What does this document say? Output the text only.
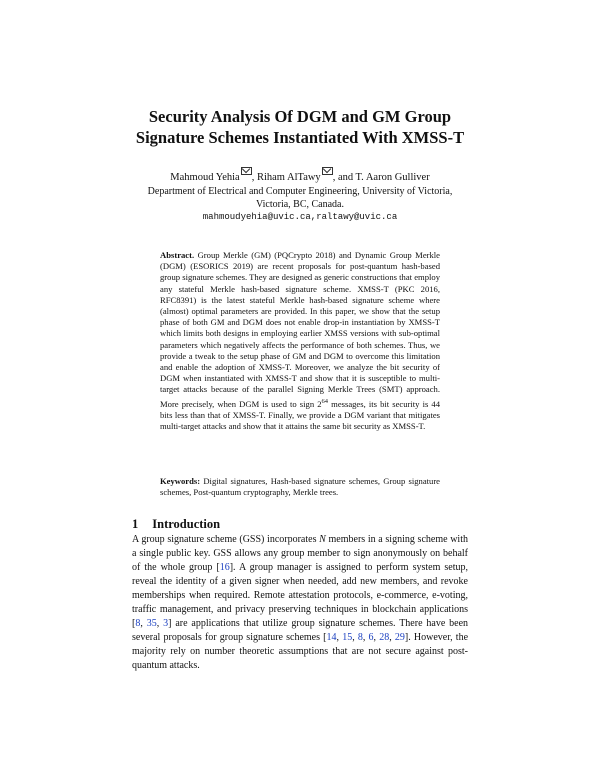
Security Analysis Of DGM and GM Group
Signature Schemes Instantiated With XMSS-T
Mahmoud Yehia , Riham AlTawy , and T. Aaron Gulliver
Department of Electrical and Computer Engineering, University of Victoria,
Victoria, BC, Canada.
mahmoudyehia@uvic.ca,raltawy@uvic.ca
Abstract. Group Merkle (GM) (PQCrypto 2018) and Dynamic Group Merkle (DGM) (ESORICS 2019) are recent proposals for post-quantum hash-based group signature schemes. They are designed as generic constructions that employ any stateful Merkle hash-based signature scheme. XMSS-T (PKC 2016, RFC8391) is the latest stateful Merkle hash-based signature scheme where (almost) optimal parameters are provided. In this paper, we show that the setup phase of both GM and DGM does not enable drop-in instantiation by XMSS-T which limits both designs in employing earlier XMSS versions with sub-optimal parameters which negatively affects the performance of both schemes. Thus, we provide a tweak to the setup phase of GM and DGM to overcome this limitation and enable the adoption of XMSS-T. Moreover, we analyze the bit security of DGM when instantiated with XMSS-T and show that it is susceptible to multi-target attacks because of the parallel Signing Merkle Trees (SMT) approach. More precisely, when DGM is used to sign $2^{64}$ messages, its bit security is 44 bits less than that of XMSS-T. Finally, we provide a DGM variant that mitigates multi-target attacks and show that it attains the same bit security as XMSS-T.
Keywords: Digital signatures, Hash-based signature schemes, Group signature schemes, Post-quantum cryptography, Merkle trees.
1 Introduction
A group signature scheme (GSS) incorporates N members in a signing scheme with a single public key. GSS allows any group member to sign anonymously on behalf of the whole group [16]. A group manager is assigned to perform system setup, reveal the identity of a given signer when needed, add new members, and revoke memberships when required. Remote attestation protocols, e-commerce, e-voting, traffic management, and privacy preserving techniques in blockchain applications [8, 35, 3] are applications that utilize group signature schemes. There have been several proposals for group signature schemes [14, 15, 8, 6, 28, 29]. However, the majority rely on number theoretic assumptions that are not secure against post-quantum attacks.
